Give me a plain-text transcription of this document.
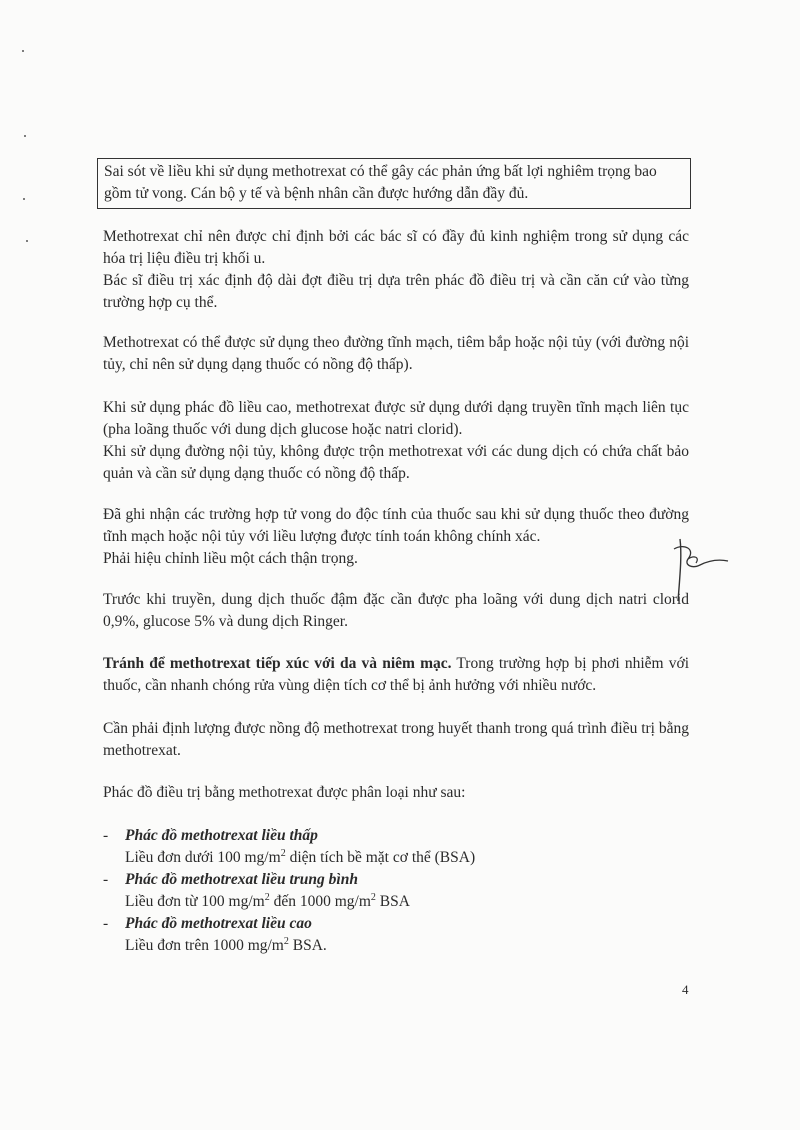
Sai sót về liều khi sử dụng methotrexat có thể gây các phản ứng bất lợi nghiêm trọng bao gồm tử vong. Cán bộ y tế và bệnh nhân cần được hướng dẫn đầy đủ.

Methotrexat chỉ nên được chỉ định bởi các bác sĩ có đầy đủ kinh nghiệm trong sử dụng các hóa trị liệu điều trị khối u.

Bác sĩ điều trị xác định độ dài đợt điều trị dựa trên phác đồ điều trị và cần căn cứ vào từng trường hợp cụ thể.

Methotrexat có thể được sử dụng theo đường tĩnh mạch, tiêm bắp hoặc nội tủy (với đường nội tủy, chỉ nên sử dụng dạng thuốc có nồng độ thấp).

Khi sử dụng phác đồ liều cao, methotrexat được sử dụng dưới dạng truyền tĩnh mạch liên tục (pha loãng thuốc với dung dịch glucose hoặc natri clorid).

Khi sử dụng đường nội tủy, không được trộn methotrexat với các dung dịch có chứa chất bảo quản và cần sử dụng dạng thuốc có nồng độ thấp.

Đã ghi nhận các trường hợp tử vong do độc tính của thuốc sau khi sử dụng thuốc theo đường tĩnh mạch hoặc nội tủy với liều lượng được tính toán không chính xác.

Phải hiệu chỉnh liều một cách thận trọng.

Trước khi truyền, dung dịch thuốc đậm đặc cần được pha loãng với dung dịch natri clorid 0,9%, glucose 5% và dung dịch Ringer.

Tránh để methotrexat tiếp xúc với da và niêm mạc. Trong trường hợp bị phơi nhiễm với thuốc, cần nhanh chóng rửa vùng diện tích cơ thể bị ảnh hưởng với nhiều nước.

Cần phải định lượng được nồng độ methotrexat trong huyết thanh trong quá trình điều trị bằng methotrexat.

Phác đồ điều trị bằng methotrexat được phân loại như sau:

- Phác đồ methotrexat liều thấp
Liều đơn dưới 100 $mg/m^2$ diện tích bề mặt cơ thể (BSA)
- Phác đồ methotrexat liều trung bình
Liều đơn từ 100 $mg/m^2$ đến 1000 $mg/m^2$ BSA
- Phác đồ methotrexat liều cao
Liều đơn trên 1000 $mg/m^2$ BSA.
4
